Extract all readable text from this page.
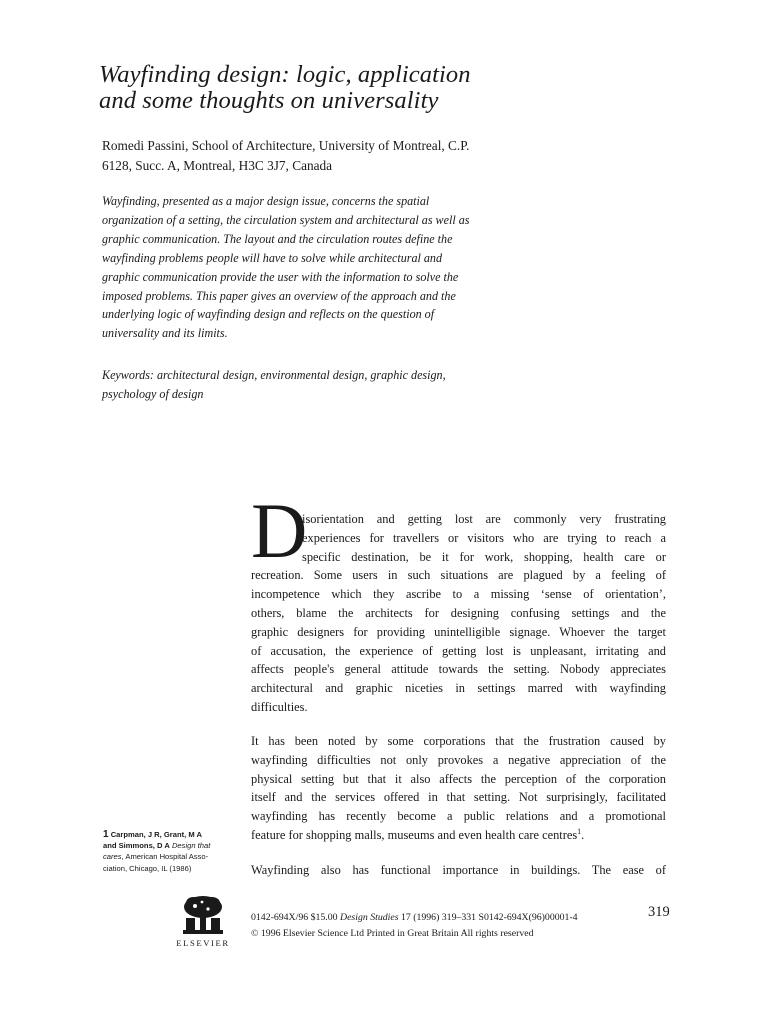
Wayfinding design: logic, application
and some thoughts on universality
Romedi Passini, School of Architecture, University of Montreal, C.P.
6128, Succ. A, Montreal, H3C 3J7, Canada
Wayfinding, presented as a major design issue, concerns the spatial
organization of a setting, the circulation system and architectural as well as
graphic communication. The layout and the circulation routes define the
wayfinding problems people will have to solve while architectural and
graphic communication provide the user with the information to solve the
imposed problems. This paper gives an overview of the approach and the
underlying logic of wayfinding design and reflects on the question of
universality and its limits.
Keywords: architectural design, environmental design, graphic design,
psychology of design
D
isorientation and getting lost are commonly very frustrating
experiences for travellers or visitors who are trying to reach a
specific destination, be it for work, shopping, health care or
recreation. Some users in such situations are plagued by a feeling of
incompetence which they ascribe to a missing ‘sense of orientation’,
others, blame the architects for designing confusing settings and the
graphic designers for providing unintelligible signage. Whoever the target
of accusation, the experience of getting lost is unpleasant, irritating and
affects people's general attitude towards the setting. Nobody appreciates
architectural and graphic niceties in settings marred with wayfinding
difficulties.
It has been noted by some corporations that the frustration caused by
wayfinding difficulties not only provokes a negative appreciation of the
physical setting but that it also affects the perception of the corporation
itself and the services offered in that setting. Not surprisingly, facilitated
wayfinding has recently become a public relations and a promotional
feature for shopping malls, museums and even health care centres$^1$.
Wayfinding also has functional importance in buildings. The ease of
1 Carpman, J R, Grant, M A
and Simmons, D A Design that
cares, American Hospital Asso-
ciation, Chicago, IL (1986)
ELSEVIER
0142-694X/96 $15.00 Design Studies 17 (1996) 319–331 S0142-694X(96)00001-4
© 1996 Elsevier Science Ltd Printed in Great Britain All rights reserved
319
